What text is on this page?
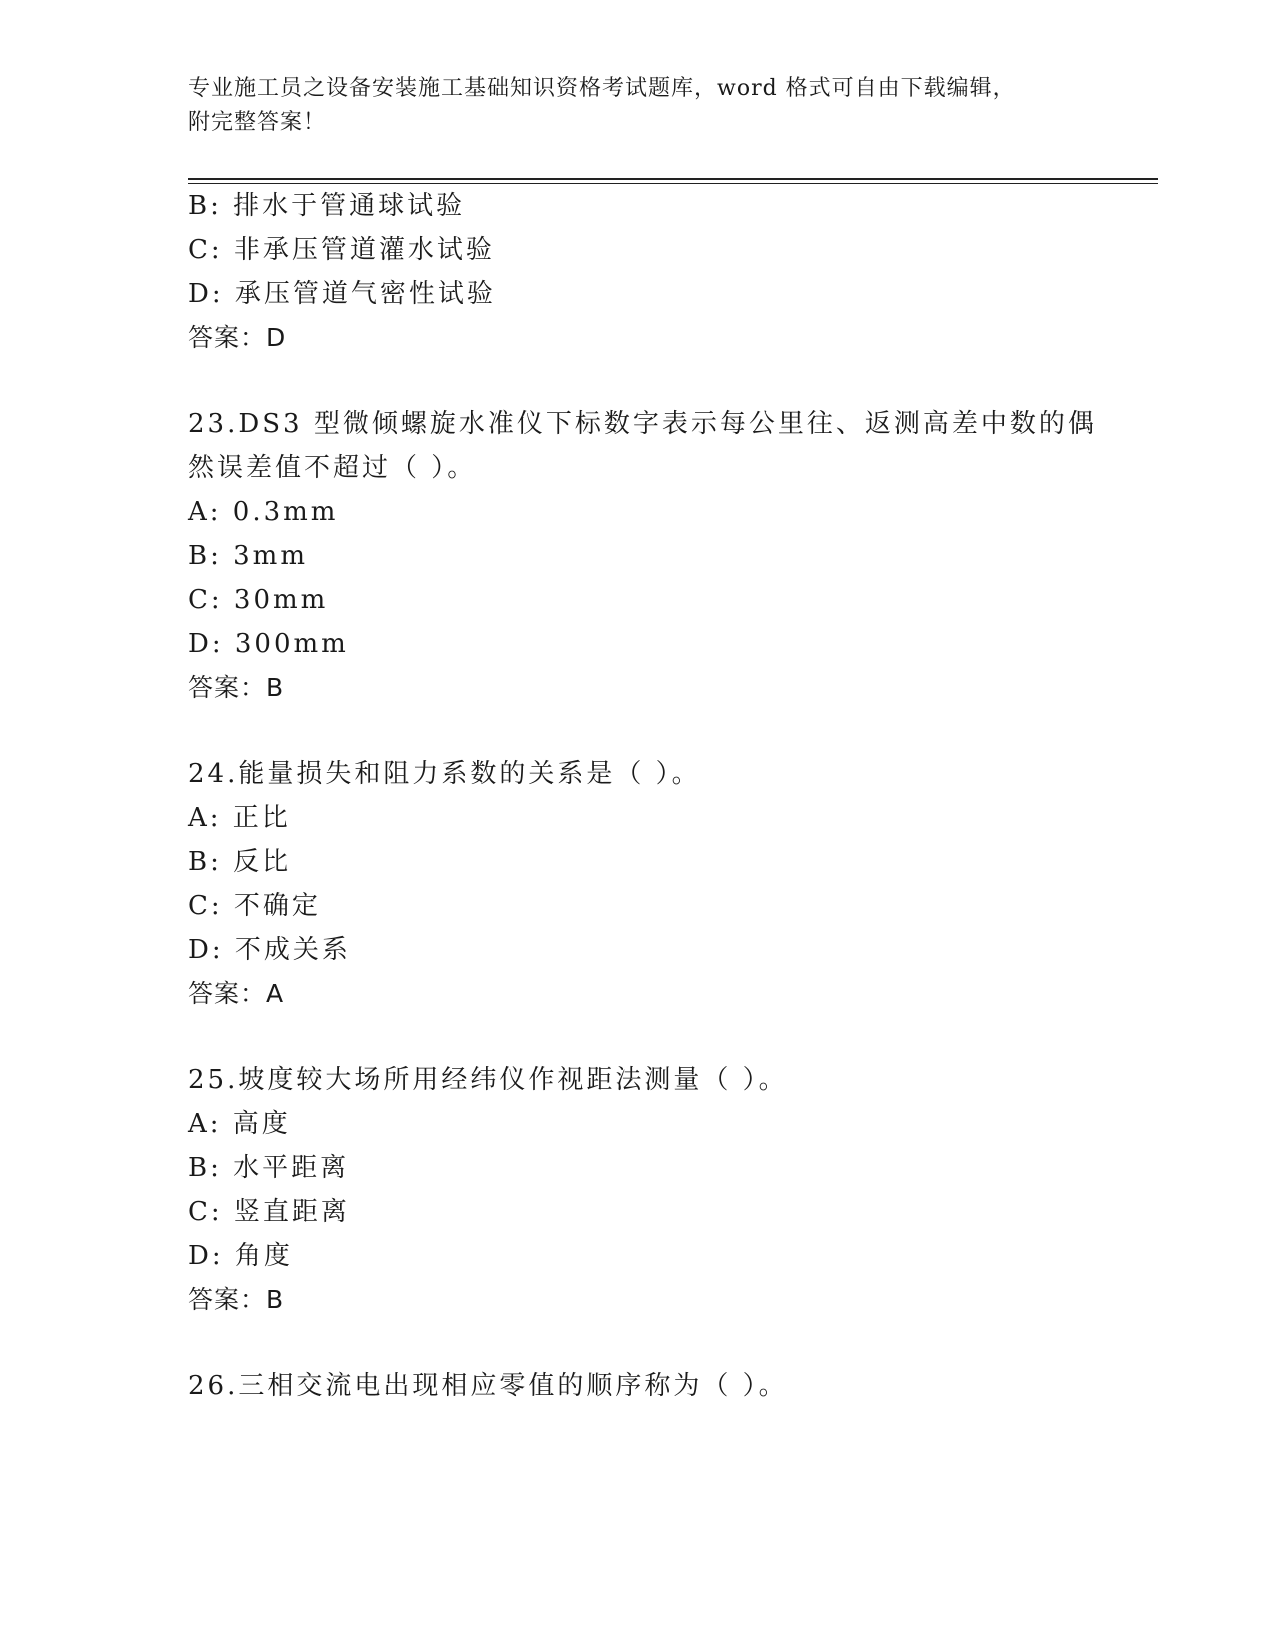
专业施工员之设备安装施工基础知识资格考试题库，word 格式可自由下载编辑，
附完整答案！

B: 排水于管通球试验

C: 非承压管道灌水试验

D: 承压管道气密性试验

答案：D

23.DS3 型微倾螺旋水准仪下标数字表示每公里往、返测高差中数的偶

然误差值不超过（ ）。

A: 0.3mm

B: 3mm

C: 30mm

D: 300mm

答案：B

24.能量损失和阻力系数的关系是（ ）。

A: 正比

B: 反比

C: 不确定

D: 不成关系

答案：A

25.坡度较大场所用经纬仪作视距法测量（ ）。

A: 高度

B: 水平距离

C: 竖直距离

D: 角度

答案：B

26.三相交流电出现相应零值的顺序称为（ ）。
